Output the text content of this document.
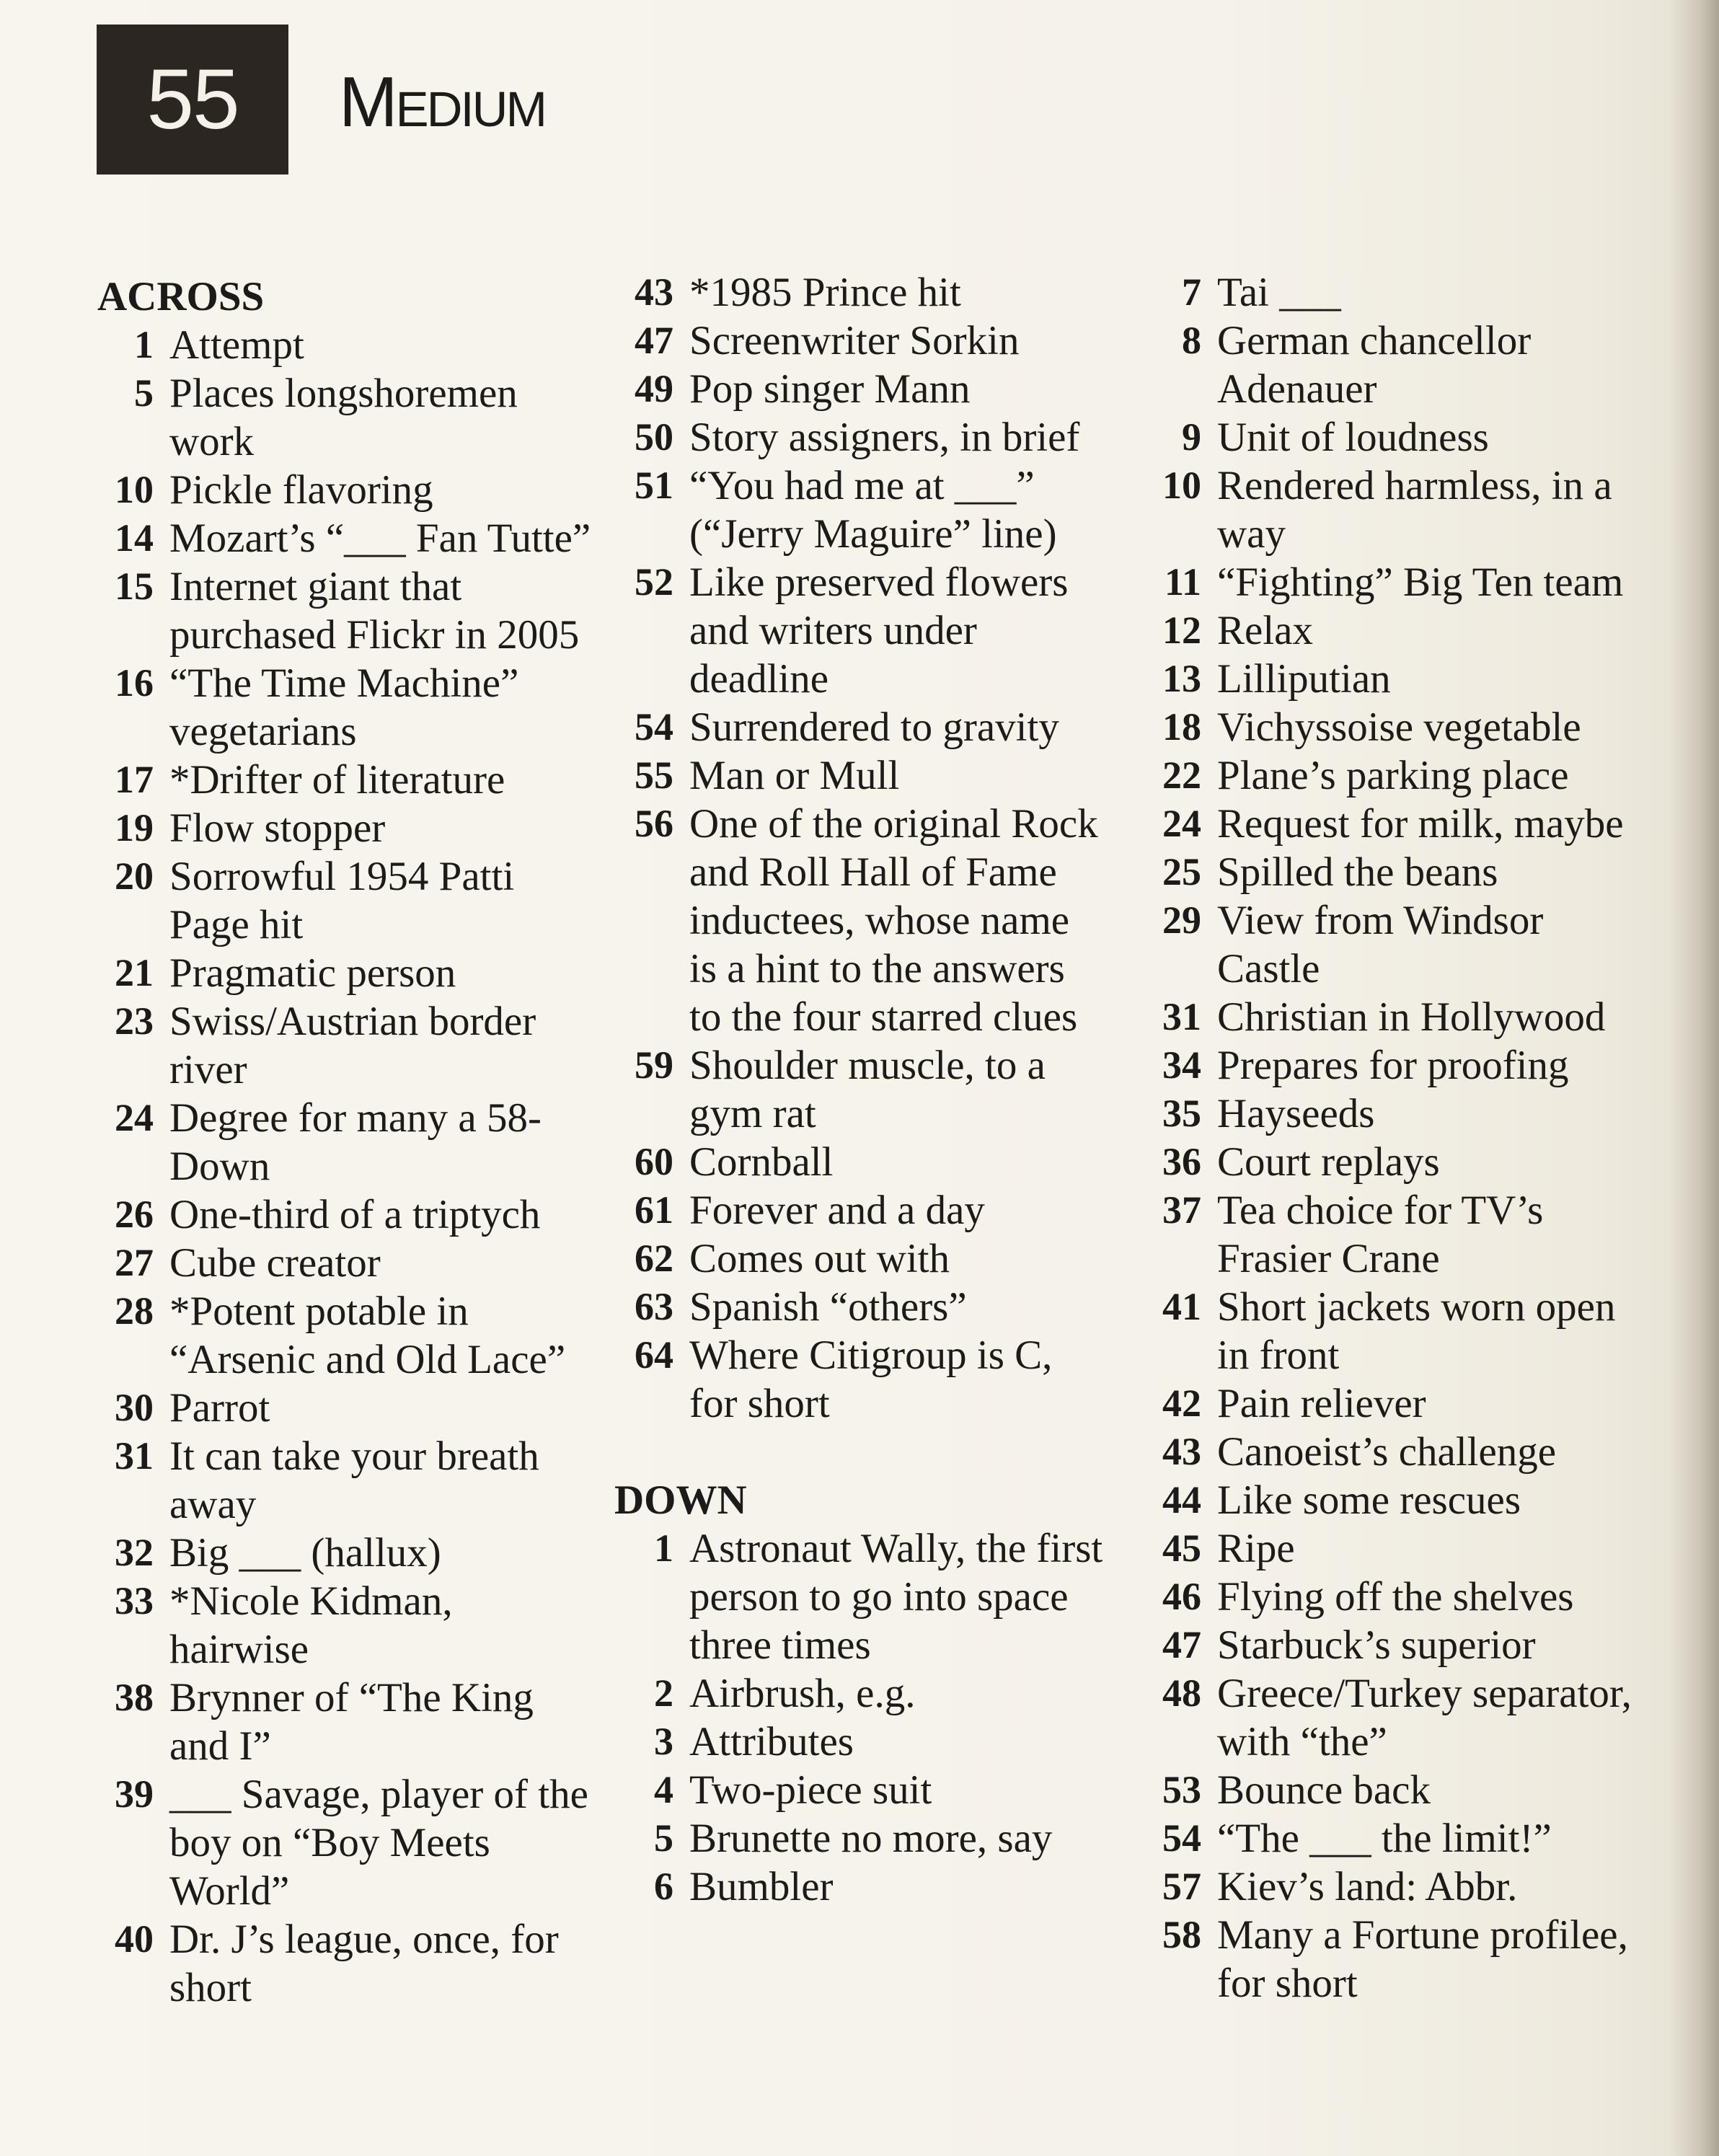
55 Medium
ACROSS
1 Attempt
5 Places longshoremen work
10 Pickle flavoring
14 Mozart’s “___ Fan Tutte”
15 Internet giant that purchased Flickr in 2005
16 “The Time Machine” vegetarians
17 *Drifter of literature
19 Flow stopper
20 Sorrowful 1954 Patti Page hit
21 Pragmatic person
23 Swiss/Austrian border river
24 Degree for many a 58-Down
26 One-third of a triptych
27 Cube creator
28 *Potent potable in “Arsenic and Old Lace”
30 Parrot
31 It can take your breath away
32 Big ___ (hallux)
33 *Nicole Kidman, hairwise
38 Brynner of “The King and I”
39 ___ Savage, player of the boy on “Boy Meets World”
40 Dr. J’s league, once, for short
43 *1985 Prince hit
47 Screenwriter Sorkin
49 Pop singer Mann
50 Story assigners, in brief
51 “You had me at ___” (“Jerry Maguire” line)
52 Like preserved flowers and writers under deadline
54 Surrendered to gravity
55 Man or Mull
56 One of the original Rock and Roll Hall of Fame inductees, whose name is a hint to the answers to the four starred clues
59 Shoulder muscle, to a gym rat
60 Cornball
61 Forever and a day
62 Comes out with
63 Spanish “others”
64 Where Citigroup is C, for short
DOWN
1 Astronaut Wally, the first person to go into space three times
2 Airbrush, e.g.
3 Attributes
4 Two-piece suit
5 Brunette no more, say
6 Bumbler
7 Tai ___
8 German chancellor Adenauer
9 Unit of loudness
10 Rendered harmless, in a way
11 “Fighting” Big Ten team
12 Relax
13 Lilliputian
18 Vichyssoise vegetable
22 Plane’s parking place
24 Request for milk, maybe
25 Spilled the beans
29 View from Windsor Castle
31 Christian in Hollywood
34 Prepares for proofing
35 Hayseeds
36 Court replays
37 Tea choice for TV’s Frasier Crane
41 Short jackets worn open in front
42 Pain reliever
43 Canoeist’s challenge
44 Like some rescues
45 Ripe
46 Flying off the shelves
47 Starbuck’s superior
48 Greece/Turkey separator, with “the”
53 Bounce back
54 “The ___ the limit!”
57 Kiev’s land: Abbr.
58 Many a Fortune profilee, for short
